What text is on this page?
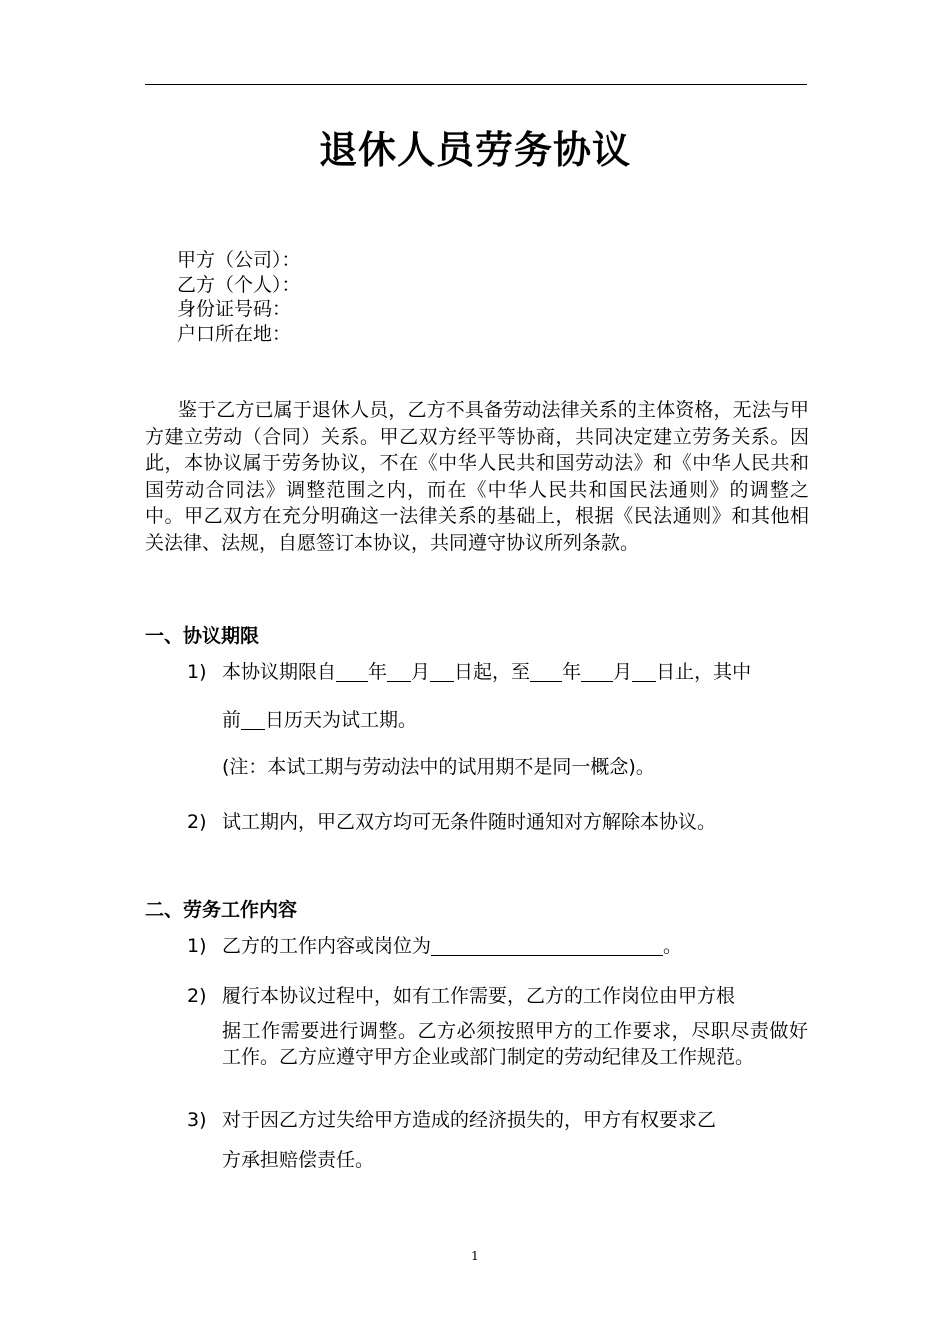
退休人员劳务协议
甲方（公司）：
乙方（个人）：
身份证号码：
户口所在地：
鉴于乙方已属于退休人员，乙方不具备劳动法律关系的主体资格，无法与甲方建立劳动（合同）关系。甲乙双方经平等协商，共同决定建立劳务关系。因此，本协议属于劳务协议，不在《中华人民共和国劳动法》和《中华人民共和国劳动合同法》调整范围之内，而在《中华人民共和国民法通则》的调整之中。甲乙双方在充分明确这一法律关系的基础上，根据《民法通则》和其他相关法律、法规，自愿签订本协议，共同遵守协议所列条款。
一、协议期限
1) 本协议期限自 年 月 日起，至 年 月 日止，其中
前 日历天为试工期。
(注：本试工期与劳动法中的试用期不是同一概念)。
2) 试工期内，甲乙双方均可无条件随时通知对方解除本协议。
二、劳务工作内容
1) 乙方的工作内容或岗位为	。
2) 履行本协议过程中，如有工作需要，乙方的工作岗位由甲方根
据工作需要进行调整。乙方必须按照甲方的工作要求，尽职尽责做好工作。乙方应遵守甲方企业或部门制定的劳动纪律及工作规范。
3) 对于因乙方过失给甲方造成的经济损失的，甲方有权要求乙
方承担赔偿责任。
1
